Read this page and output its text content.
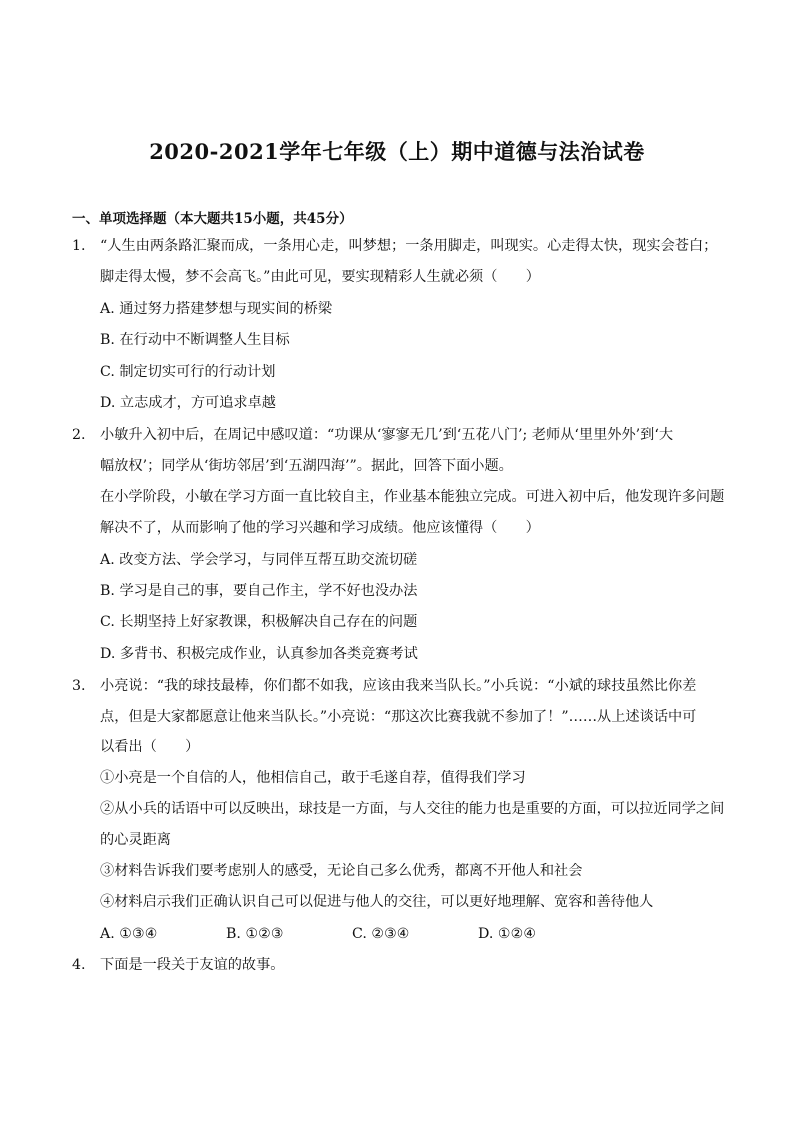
2020-2021学年七年级（上）期中道德与法治试卷
一、单项选择题（本大题共15小题，共45分）
1. “人生由两条路汇聚而成，一条用心走，叫梦想；一条用脚走，叫现实。心走得太快，现实会苍白；
脚走得太慢，梦不会高飞。”由此可见，要实现精彩人生就必须（　　）
A. 通过努力搭建梦想与现实间的桥梁
B. 在行动中不断调整人生目标
C. 制定切实可行的行动计划
D. 立志成才，方可追求卓越
2. 小敏升入初中后，在周记中感叹道：“功课从‘寥寥无几’到‘五花八门’; 老师从‘里里外外’到‘大
幅放权’；同学从‘街坊邻居’到‘五湖四海’”。据此，回答下面小题。
在小学阶段，小敏在学习方面一直比较自主，作业基本能独立完成。可进入初中后，他发现许多问题
解决不了，从而影响了他的学习兴趣和学习成绩。他应该懂得（　　）
A. 改变方法、学会学习，与同伴互帮互助交流切磋
B. 学习是自己的事，要自己作主，学不好也没办法
C. 长期坚持上好家教课，积极解决自己存在的问题
D. 多背书、积极完成作业，认真参加各类竞赛考试
3. 小亮说：“我的球技最棒，你们都不如我，应该由我来当队长。”小兵说：“小斌的球技虽然比你差
点，但是大家都愿意让他来当队长。”小亮说：“那这次比赛我就不参加了！”……从上述谈话中可
以看出（　　）
①小亮是一个自信的人，他相信自己，敢于毛遂自荐，值得我们学习
②从小兵的话语中可以反映出，球技是一方面，与人交往的能力也是重要的方面，可以拉近同学之间
的心灵距离
③材料告诉我们要考虑别人的感受，无论自己多么优秀，都离不开他人和社会
④材料启示我们正确认识自己可以促进与他人的交往，可以更好地理解、宽容和善待他人
A. ①③④	B. ①②③	C. ②③④	D. ①②④
4. 下面是一段关于友谊的故事。
